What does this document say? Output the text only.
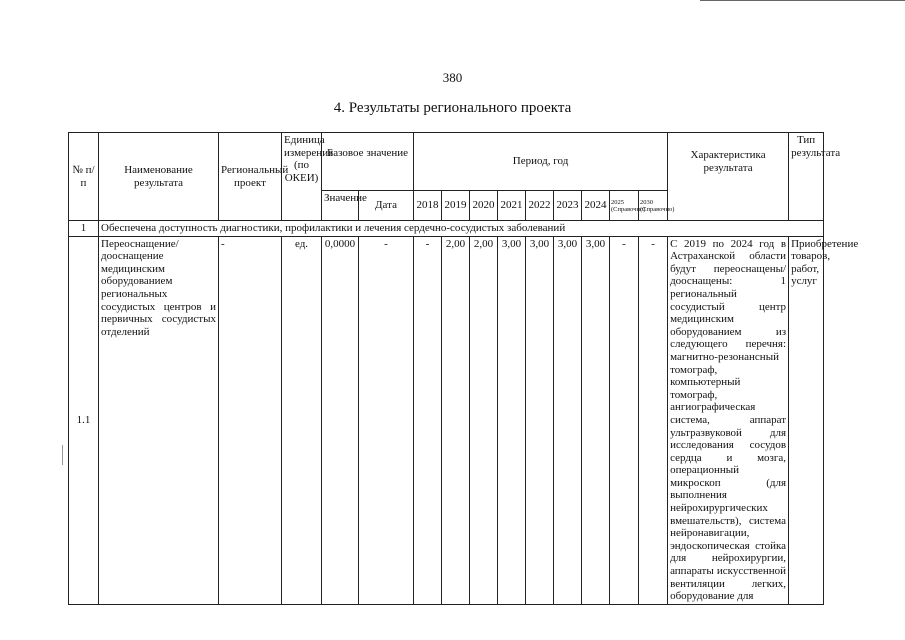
380
4. Результаты регионального проекта
№ п/п	Наименование результата	Региональный проект	Единица измерения (по ОКЕИ)	Базовое значение		Период, год									Характеристика результата	Тип результата
				Значение	Дата	2018	2019	2020	2021	2022	2023	2024	2025 (Справочно)	2030 (Справочно)		
1	Обеспечена доступность диагностики, профилактики и лечения сердечно-сосудистых заболеваний															
1.1	Переоснащение/дооснащение медицинским оборудованием региональных сосудистых центров и первичных сосудистых отделений	-	ед.	0,0000	-	-	2,00	2,00	3,00	3,00	3,00	3,00	-	-	С 2019 по 2024 год в Астраханской области будут переоснащены/дооснащены: 1 региональный сосудистый центр медицинским оборудованием из следующего перечня: магнитно-резонансный томограф, компьютерный томограф, ангиографическая система, аппарат ультразвуковой для исследования сосудов сердца и мозга, операционный микроскоп (для выполнения нейрохирургических вмешательств), система нейронавигации, эндоскопическая стойка для нейрохирургии, аппараты искусственной вентиляции легких, оборудование для	Приобретение товаров, работ, услуг
